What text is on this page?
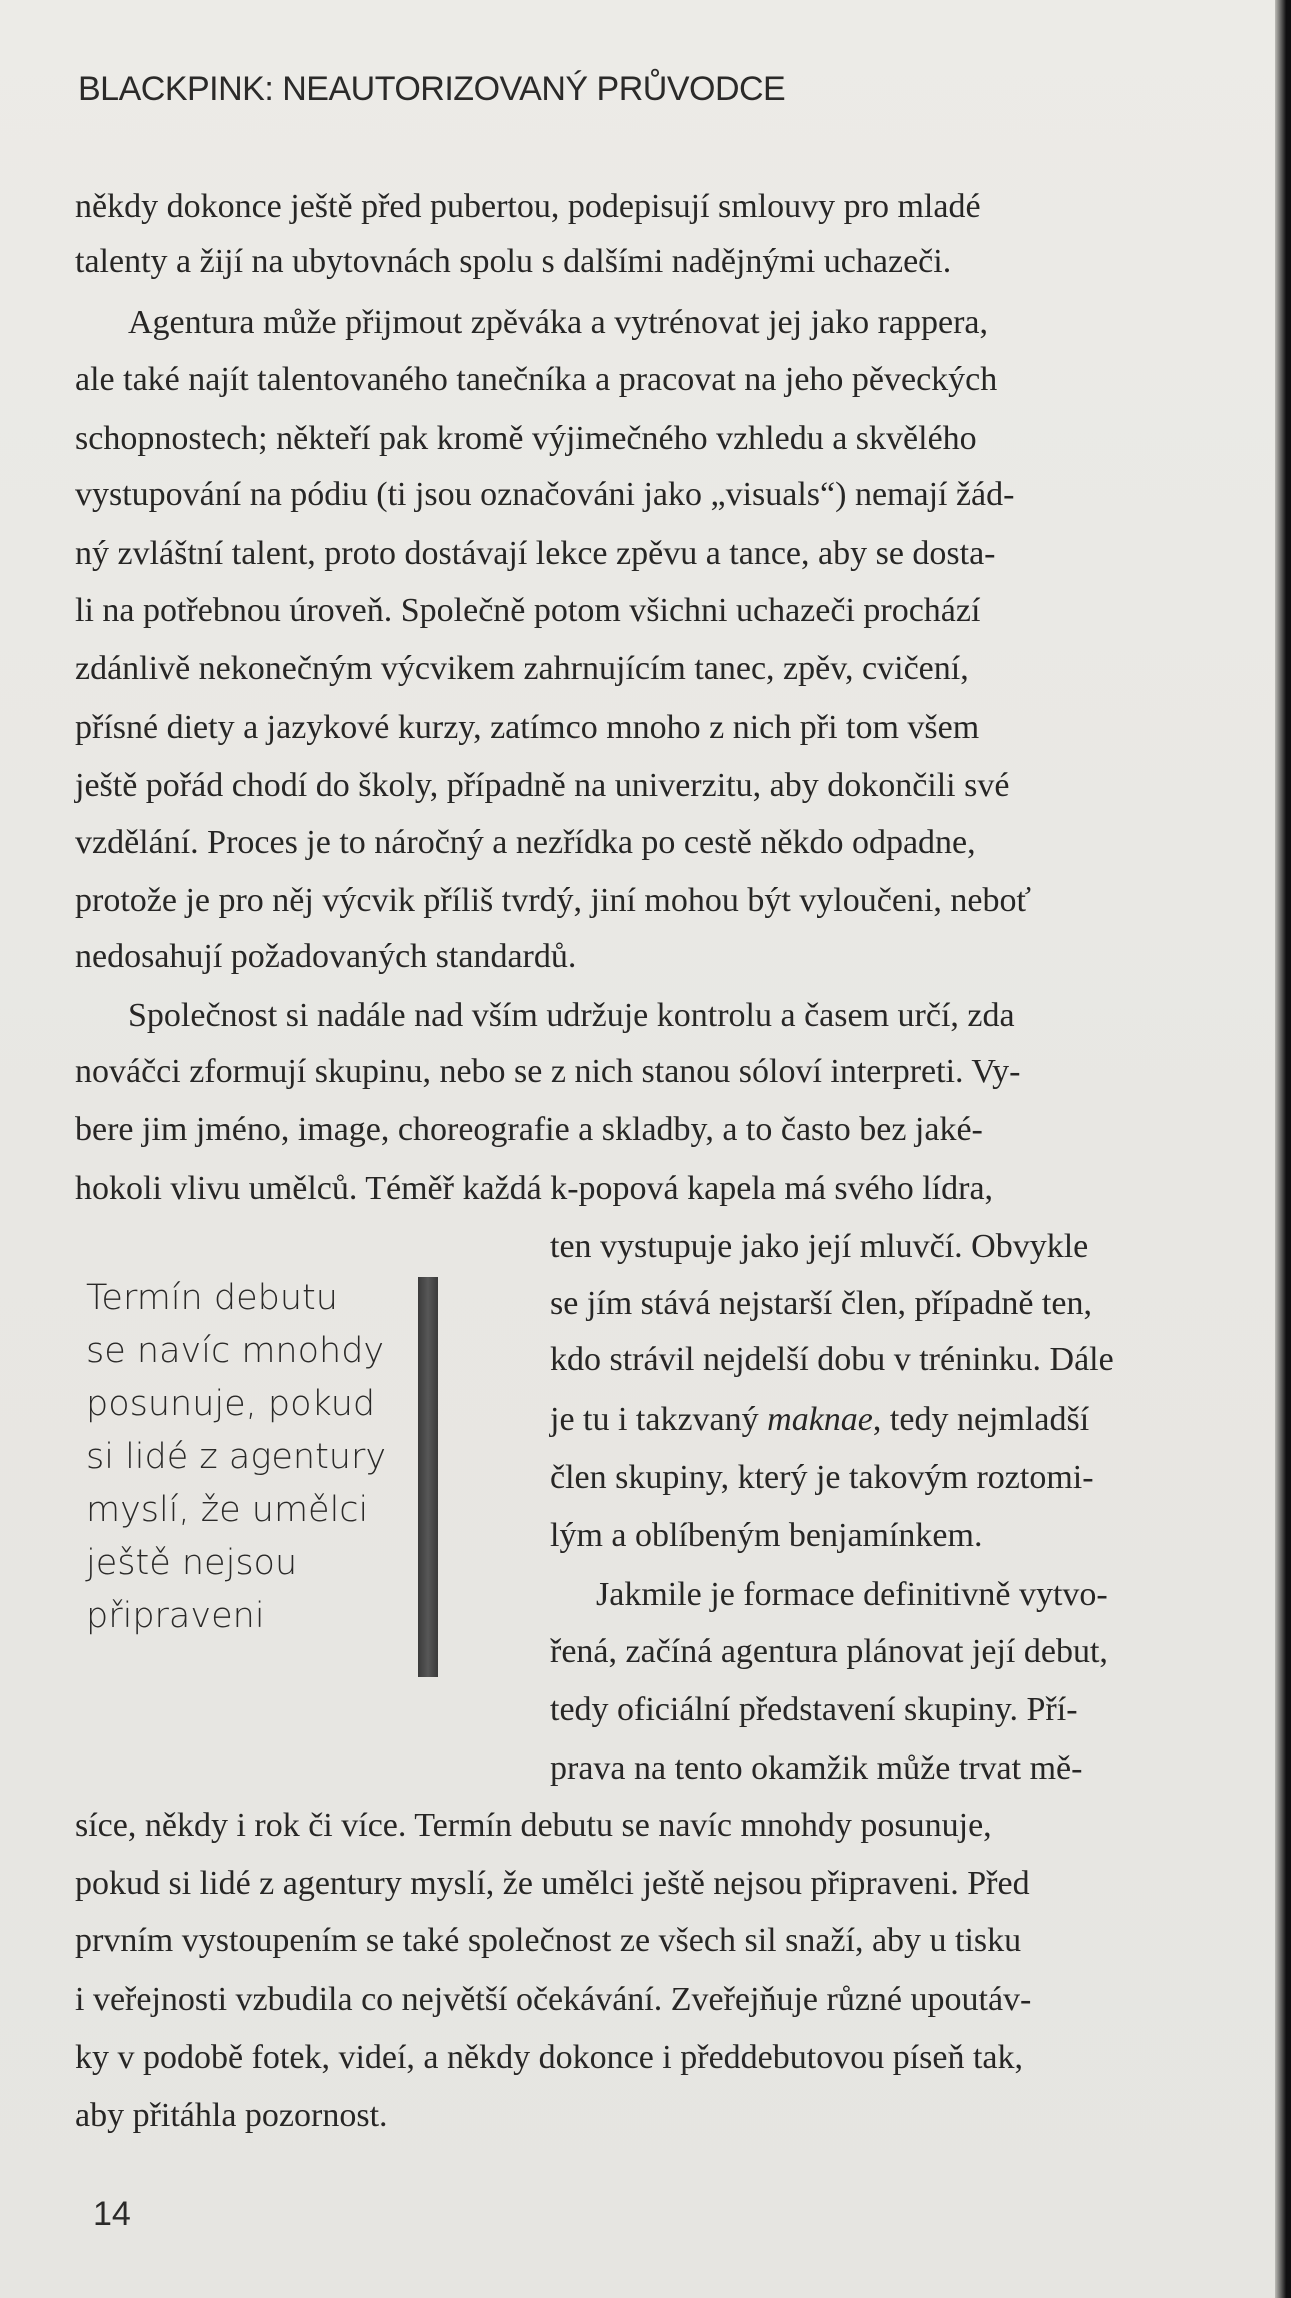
BLACKPINK: NEAUTORIZOVANÝ PRŮVODCE
někdy dokonce ještě před pubertou, podepisují smlouvy pro mladé
talenty a žijí na ubytovnách spolu s dalšími nadějnými uchazeči.
Agentura může přijmout zpěváka a vytrénovat jej jako rappera,
ale také najít talentovaného tanečníka a pracovat na jeho pěveckých
schopnostech; někteří pak kromě výjimečného vzhledu a skvělého
vystupování na pódiu (ti jsou označováni jako „visuals“) nemají žád-
ný zvláštní talent, proto dostávají lekce zpěvu a tance, aby se dosta-
li na potřebnou úroveň. Společně potom všichni uchazeči prochází
zdánlivě nekonečným výcvikem zahrnujícím tanec, zpěv, cvičení,
přísné diety a jazykové kurzy, zatímco mnoho z nich při tom všem
ještě pořád chodí do školy, případně na univerzitu, aby dokončili své
vzdělání. Proces je to náročný a nezřídka po cestě někdo odpadne,
protože je pro něj výcvik příliš tvrdý, jiní mohou být vyloučeni, neboť
nedosahují požadovaných standardů.
Společnost si nadále nad vším udržuje kontrolu a časem určí, zda
nováčci zformují skupinu, nebo se z nich stanou sóloví interpreti. Vy-
bere jim jméno, image, choreografie a skladby, a to často bez jaké-
hokoli vlivu umělců. Téměř každá k-popová kapela má svého lídra,
Termín debutu
se navíc mnohdy
posunuje, pokud
si lidé z agentury
myslí, že umělci
ještě nejsou
připraveni
ten vystupuje jako její mluvčí. Obvykle
se jím stává nejstarší člen, případně ten,
kdo strávil nejdelší dobu v tréninku. Dále
je tu i takzvaný maknae, tedy nejmladší
člen skupiny, který je takovým roztomi-
lým a oblíbeným benjamínkem.
Jakmile je formace definitivně vytvo-
řená, začíná agentura plánovat její debut,
tedy oficiální představení skupiny. Pří-
prava na tento okamžik může trvat mě-
síce, někdy i rok či více. Termín debutu se navíc mnohdy posunuje,
pokud si lidé z agentury myslí, že umělci ještě nejsou připraveni. Před
prvním vystoupením se také společnost ze všech sil snaží, aby u tisku
i veřejnosti vzbudila co největší očekávání. Zveřejňuje různé upoutáv-
ky v podobě fotek, videí, a někdy dokonce i předdebutovou píseň tak,
aby přitáhla pozornost.
14
